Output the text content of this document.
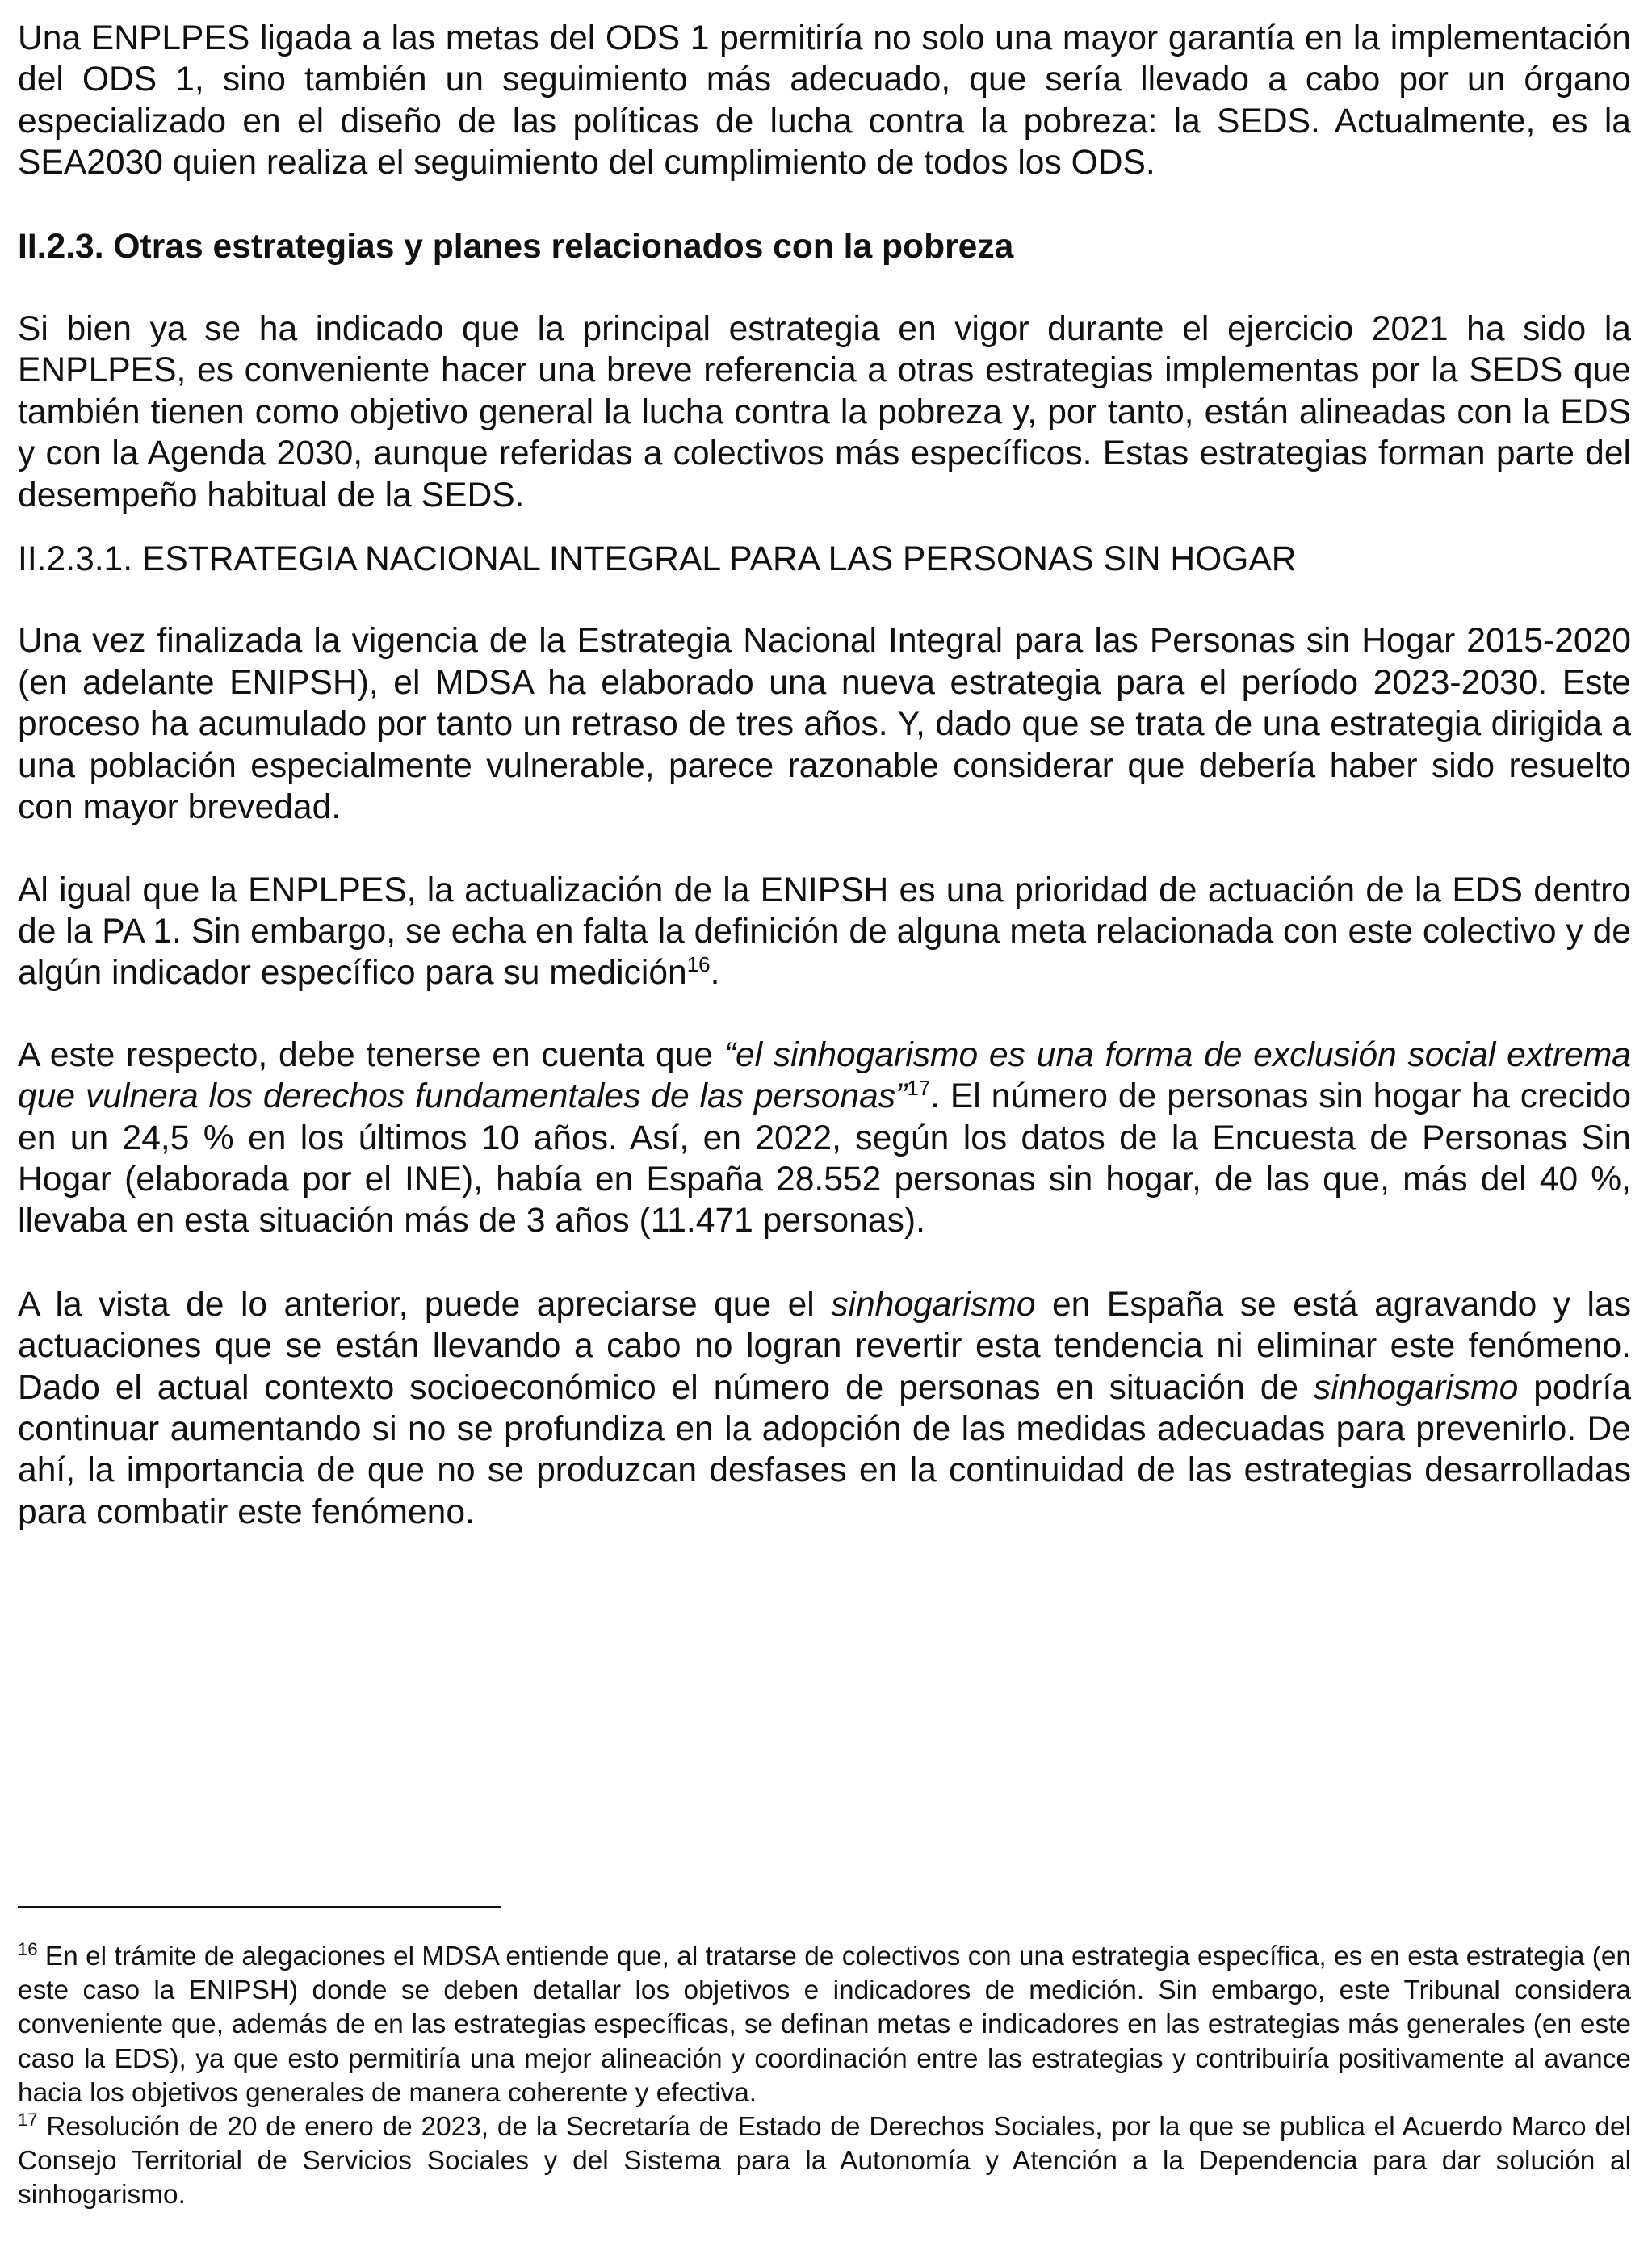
Una ENPLPES ligada a las metas del ODS 1 permitiría no solo una mayor garantía en la implementación del ODS 1, sino también un seguimiento más adecuado, que sería llevado a cabo por un órgano especializado en el diseño de las políticas de lucha contra la pobreza: la SEDS. Actualmente, es la SEA2030 quien realiza el seguimiento del cumplimiento de todos los ODS.

II.2.3. Otras estrategias y planes relacionados con la pobreza

Si bien ya se ha indicado que la principal estrategia en vigor durante el ejercicio 2021 ha sido la ENPLPES, es conveniente hacer una breve referencia a otras estrategias implementas por la SEDS que también tienen como objetivo general la lucha contra la pobreza y, por tanto, están alineadas con la EDS y con la Agenda 2030, aunque referidas a colectivos más específicos. Estas estrategias forman parte del desempeño habitual de la SEDS.

II.2.3.1. ESTRATEGIA NACIONAL INTEGRAL PARA LAS PERSONAS SIN HOGAR

Una vez finalizada la vigencia de la Estrategia Nacional Integral para las Personas sin Hogar 2015-2020 (en adelante ENIPSH), el MDSA ha elaborado una nueva estrategia para el período 2023-2030. Este proceso ha acumulado por tanto un retraso de tres años. Y, dado que se trata de una estrategia dirigida a una población especialmente vulnerable, parece razonable considerar que debería haber sido resuelto con mayor brevedad.

Al igual que la ENPLPES, la actualización de la ENIPSH es una prioridad de actuación de la EDS dentro de la PA 1. Sin embargo, se echa en falta la definición de alguna meta relacionada con este colectivo y de algún indicador específico para su medición$^{16}$.

A este respecto, debe tenerse en cuenta que “el sinhogarismo es una forma de exclusión social extrema que vulnera los derechos fundamentales de las personas”$^{17}$. El número de personas sin hogar ha crecido en un 24,5 % en los últimos 10 años. Así, en 2022, según los datos de la Encuesta de Personas Sin Hogar (elaborada por el INE), había en España 28.552 personas sin hogar, de las que, más del 40 %, llevaba en esta situación más de 3 años (11.471 personas).

A la vista de lo anterior, puede apreciarse que el sinhogarismo en España se está agravando y las actuaciones que se están llevando a cabo no logran revertir esta tendencia ni eliminar este fenómeno. Dado el actual contexto socioeconómico el número de personas en situación de sinhogarismo podría continuar aumentando si no se profundiza en la adopción de las medidas adecuadas para prevenirlo. De ahí, la importancia de que no se produzcan desfases en la continuidad de las estrategias desarrolladas para combatir este fenómeno.

$^{16}$ En el trámite de alegaciones el MDSA entiende que, al tratarse de colectivos con una estrategia específica, es en esta estrategia (en este caso la ENIPSH) donde se deben detallar los objetivos e indicadores de medición. Sin embargo, este Tribunal considera conveniente que, además de en las estrategias específicas, se definan metas e indicadores en las estrategias más generales (en este caso la EDS), ya que esto permitiría una mejor alineación y coordinación entre las estrategias y contribuiría positivamente al avance hacia los objetivos generales de manera coherente y efectiva.

$^{17}$ Resolución de 20 de enero de 2023, de la Secretaría de Estado de Derechos Sociales, por la que se publica el Acuerdo Marco del Consejo Territorial de Servicios Sociales y del Sistema para la Autonomía y Atención a la Dependencia para dar solución al sinhogarismo.
